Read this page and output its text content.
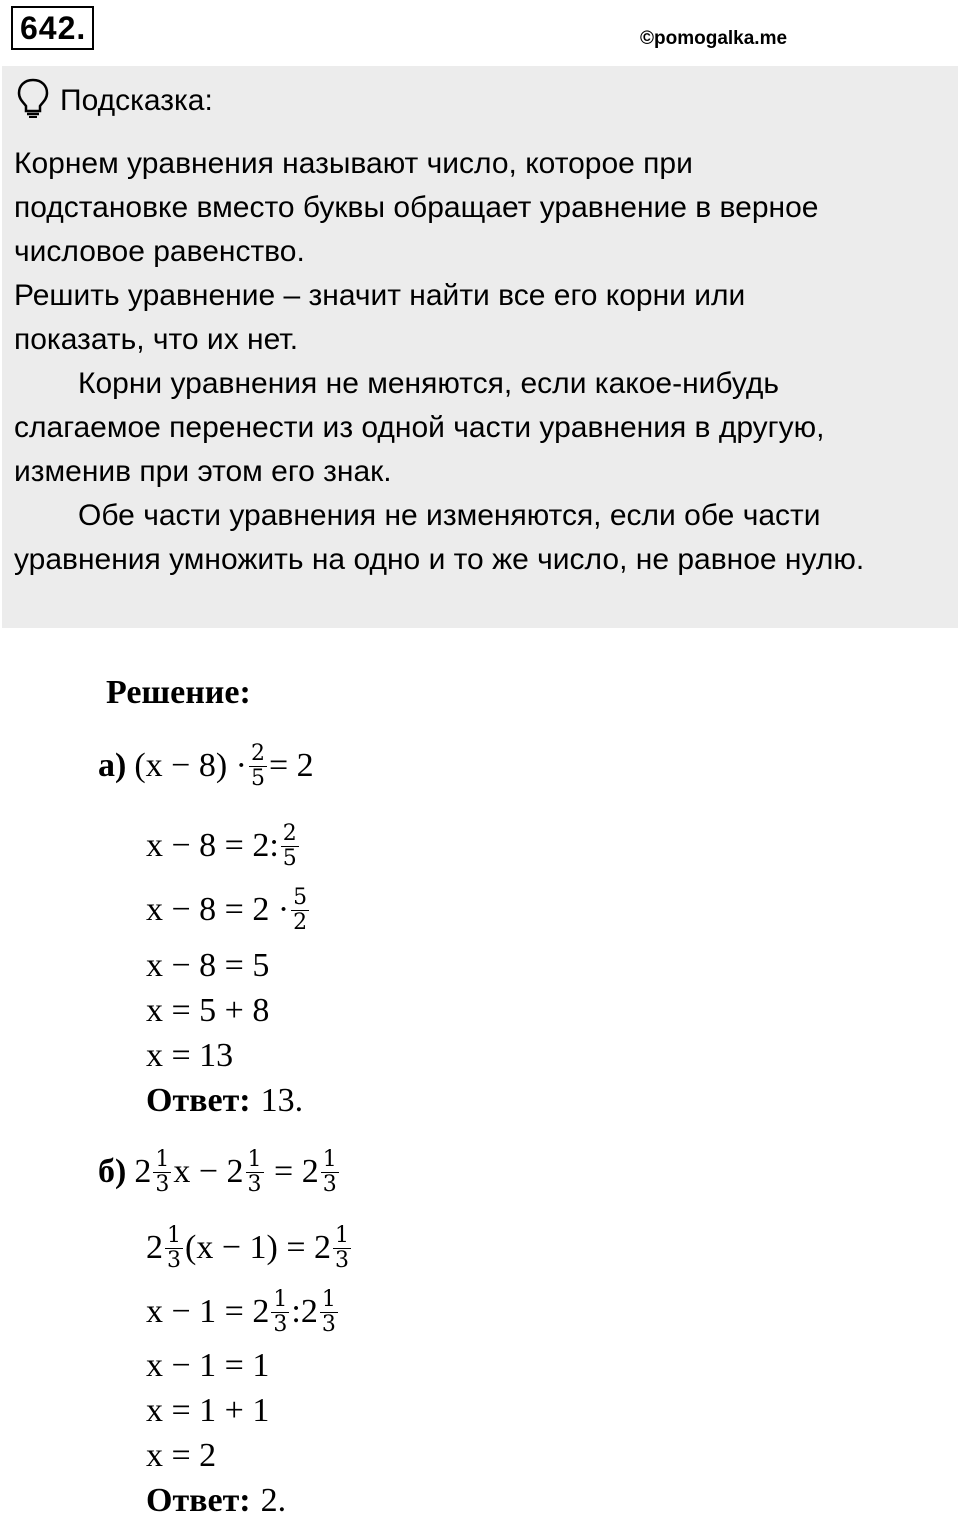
642.	©pomogalka.me
Подсказка:
Корнем уравнения называют число, которое при
подстановке вместо буквы обращает уравнение в верное
числовое равенство.
Решить уравнение – значит найти все его корни или
показать, что их нет.
Корни уравнения не меняются, если какое-нибудь
слагаемое перенести из одной части уравнения в другую,
изменив при этом его знак.
Обе части уравнения не изменяются, если обе части
уравнения умножить на одно и то же число, не равное нулю.
Решение:
а) $(x - 8) \cdot \frac{2}{5} = 2$
x − 8 = 2: $\frac{2}{5}$
$x - 8 = 2 \cdot \frac{5}{2}$
x − 8 = 5
x = 5 + 8
x = 13
Ответ: 13.
б) $2 \frac{1}{3}$ x −
$2 \frac{1}{3}$
=
$2 \frac{1}{3}$
$2 \frac{1}{3} (x - 1)$ =
$2 \frac{1}{3}$
x − 1 =
$2 \frac{1}{3}$ : $2 \frac{1}{3}$
x − 1 = 1
x = 1 + 1
x = 2
Ответ: 2.
